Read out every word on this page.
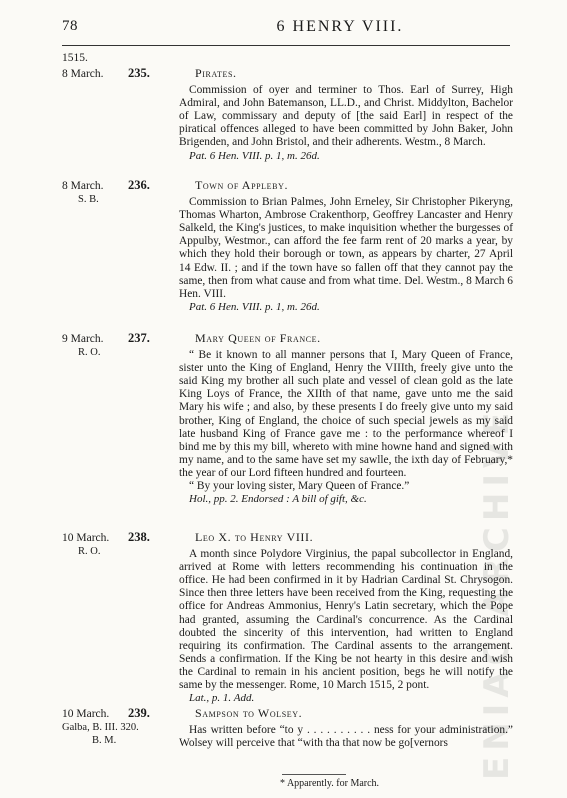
ENIAC ARCHIVE
78	6 HENRY VIII.
1515.
8 March. 235.	Pirates.
Commission of oyer and terminer to Thos. Earl of Surrey, High Admiral, and John Batemanson, LL.D., and Christ. Middylton, Bachelor of Law, commissary and deputy of [the said Earl] in respect of the piratical offences alleged to have been committed by John Baker, John Brigenden, and John Bristol, and their adherents. Westm., 8 March.
Pat. 6 Hen. VIII. p. 1, m. 26d.
8 March. 236.
S. B.
Town of Appleby.
Commission to Brian Palmes, John Erneley, Sir Christopher Pikeryng, Thomas Wharton, Ambrose Crakenthorp, Geoffrey Lancaster and Henry Salkeld, the King's justices, to make inquisition whether the burgesses of Appulby, Westmor., can afford the fee farm rent of 20 marks a year, by which they hold their borough or town, as appears by charter, 27 April 14 Edw. II. ; and if the town have so fallen off that they cannot pay the same, then from what cause and from what time. Del. Westm., 8 March 6 Hen. VIII.
Pat. 6 Hen. VIII. p. 1, m. 26d.
9 March. 237.
R. O.
Mary Queen of France.
“ Be it known to all manner persons that I, Mary Queen of France, sister unto the King of England, Henry the VIIIth, freely give unto the said King my brother all such plate and vessel of clean gold as the late King Loys of France, the XIIth of that name, gave unto me the said Mary his wife ; and also, by these presents I do freely give unto my said brother, King of England, the choice of such special jewels as my said late husband King of France gave me : to the performance whereof I bind me by this my bill, whereto with mine howne hand and signed with my name, and to the same have set my sawlle, the ixth day of February,* the year of our Lord fifteen hundred and fourteen.
“ By your loving sister, Mary Queen of France.”
Hol., pp. 2. Endorsed : A bill of gift, &c.
10 March. 238.
R. O.
Leo X. to Henry VIII.
A month since Polydore Virginius, the papal subcollector in England, arrived at Rome with letters recommending his continuation in the office. He had been confirmed in it by Hadrian Cardinal St. Chrysogon. Since then three letters have been received from the King, requesting the office for Andreas Ammonius, Henry's Latin secretary, which the Pope had granted, assuming the Cardinal's concurrence. As the Cardinal doubted the sincerity of this intervention, had written to England requiring its confirmation. The Cardinal assents to the arrangement. Sends a confirmation. If the King be not hearty in this desire and wish the Cardinal to remain in his ancient position, begs he will notify the same by the messenger. Rome, 10 March 1515, 2 pont.
Lat., p. 1. Add.
10 March. 239.
Galba, B. III. 320.
B. M.
Sampson to Wolsey.
Has written before “to y . . . . . . . . . . ness for your administration.” Wolsey will perceive that “with tha that now be go[vernors
* Apparently. for March.
